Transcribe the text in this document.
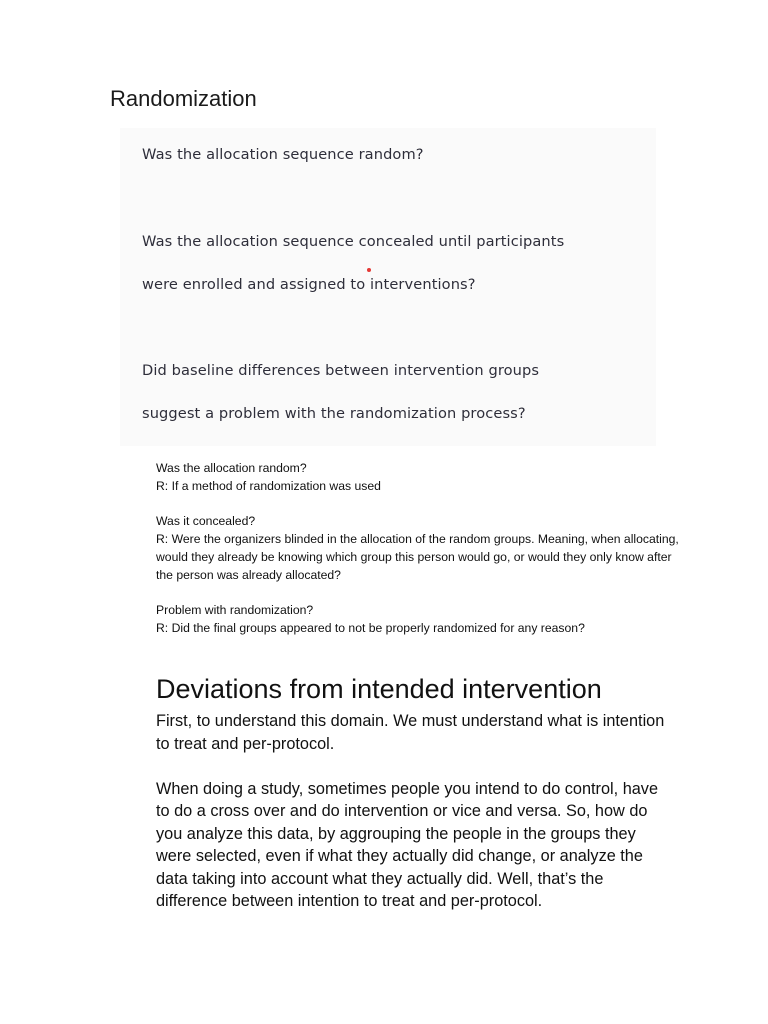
Randomization

Was the allocation sequence random?

Was the allocation sequence concealed until participants
were enrolled and assigned to interventions?

Did baseline differences between intervention groups
suggest a problem with the randomization process?

Was the allocation random?
R: If a method of randomization was used

Was it concealed?
R: Were the organizers blinded in the allocation of the random groups. Meaning, when allocating, would they already be knowing which group this person would go, or would they only know after the person was already allocated?

Problem with randomization?
R: Did the final groups appeared to not be properly randomized for any reason?

Deviations from intended intervention

First, to understand this domain. We must understand what is intention to treat and per-protocol.

When doing a study, sometimes people you intend to do control, have to do a cross over and do intervention or vice and versa. So, how do you analyze this data, by aggrouping the people in the groups they were selected, even if what they actually did change, or analyze the data taking into account what they actually did. Well, that’s the difference between intention to treat and per-protocol.
